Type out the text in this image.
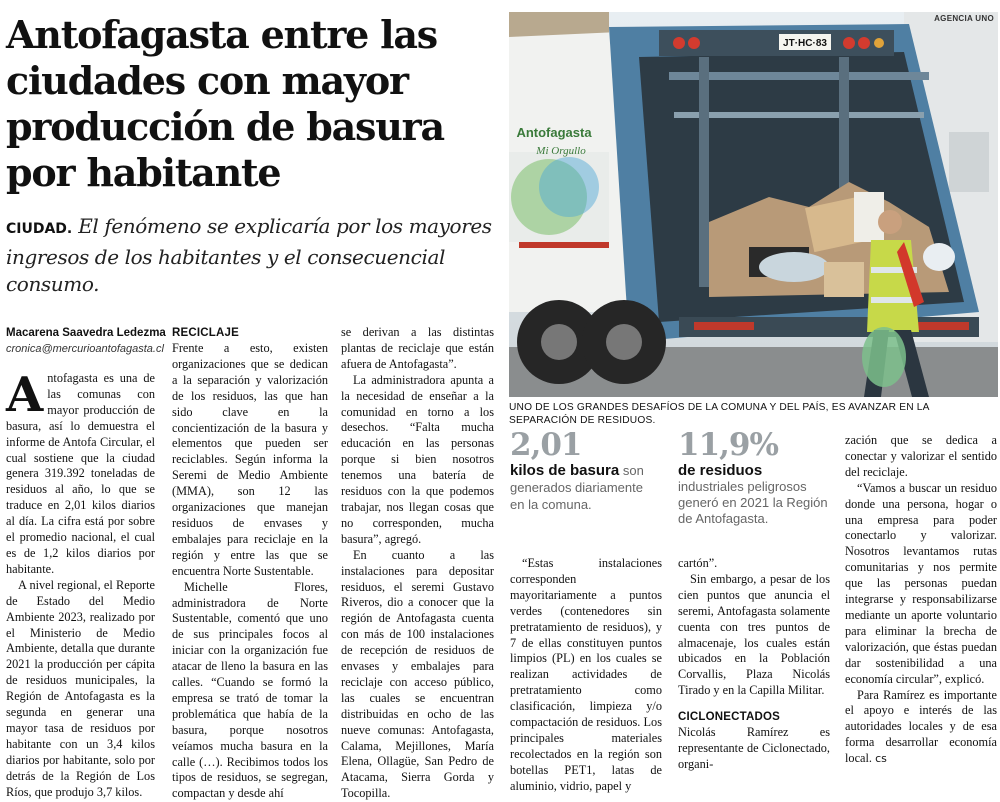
Antofagasta entre las
ciudades con mayor
producción de basura
por habitante
CIUDAD. El fenómeno se explicaría por los mayores ingresos de los habitantes y el consecuencial consumo.
Macarena Saavedra Ledezma
cronica@mercurioantofagasta.cl

Antofagasta es una de las comunas con mayor producción de basura, así lo demuestra el informe de Antofa Circular, el cual sostiene que la ciudad genera 319.392 toneladas de residuos al año, lo que se traduce en 2,01 kilos diarios al día. La cifra está por sobre el promedio nacional, el cual es de 1,2 kilos diarios por habitante.

A nivel regional, el Reporte de Estado del Medio Ambiente 2023, realizado por el Ministerio de Medio Ambiente, detalla que durante 2021 la producción per cápita de residuos municipales, la Región de Antofagasta es la segunda en generar una mayor tasa de residuos por habitante con un 3,4 kilos diarios por habitante, solo por detrás de la Región de Los Ríos, que produjo 3,7 kilos.

RECICLAJE

Frente a esto, existen organizaciones que se dedican a la separación y valorización de los residuos, las que han sido clave en la concientización de la basura y elementos que pueden ser reciclables. Según informa la Seremi de Medio Ambiente (MMA), son 12 las organizaciones que manejan residuos de envases y embalajes para reciclaje en la región y entre las que se encuentra Norte Sustentable.

Michelle Flores, administradora de Norte Sustentable, comentó que uno de sus principales focos al iniciar con la organización fue atacar de lleno la basura en las calles. “Cuando se formó la empresa se trató de tomar la problemática que había de la basura, porque nosotros veíamos mucha basura en la calle (…). Recibimos todos los tipos de residuos, se segregan, compactan y desde ahí

se derivan a las distintas plantas de reciclaje que están afuera de Antofagasta”.

La administradora apunta a la necesidad de enseñar a la comunidad en torno a los desechos. “Falta mucha educación en las personas porque si bien nosotros tenemos una batería de residuos con la que podemos trabajar, nos llegan cosas que no corresponden, mucha basura”, agregó.

En cuanto a las instalaciones para depositar residuos, el seremi Gustavo Riveros, dio a conocer que la región de Antofagasta cuenta con más de 100 instalaciones de recepción de residuos de envases y embalajes para reciclaje con acceso público, las cuales se encuentran distribuidas en ocho de las nueve comunas: Antofagasta, Calama, Mejillones, María Elena, Ollagüe, San Pedro de Atacama, Sierra Gorda y Tocopilla.

JT·HC·83
Antofagasta
Mi Orgullo
AGENCIA UNO
UNO DE LOS GRANDES DESAFÍOS DE LA COMUNA Y DEL PAÍS, ES AVANZAR EN LA SEPARACIÓN DE RESIDUOS.
2,01
kilos de basura son generados diariamente en la comuna.
11,9%
de residuos
industriales peligrosos generó en 2021 la Región de Antofagasta.

“Estas instalaciones corresponden mayoritariamente a puntos verdes (contenedores sin pretratamiento de residuos), y 7 de ellas constituyen puntos limpios (PL) en los cuales se realizan actividades de pretratamiento como clasificación, limpieza y/o compactación de residuos. Los principales materiales recolectados en la región son botellas PET1, latas de aluminio, vidrio, papel y

cartón”.

Sin embargo, a pesar de los cien puntos que anuncia el seremi, Antofagasta solamente cuenta con tres puntos de almacenaje, los cuales están ubicados en la Población Corvallis, Plaza Nicolás Tirado y en la Capilla Militar.

CICLONECTADOS

Nicolás Ramírez es representante de Ciclonectado, organi-

zación que se dedica a conectar y valorizar el sentido del reciclaje.

“Vamos a buscar un residuo donde una persona, hogar o una empresa para poder conectarlo y valorizar. Nosotros levantamos rutas comunitarias y nos permite que las personas puedan integrarse y responsabilizarse mediante un aporte voluntario para eliminar la brecha de valorización, que éstas puedan dar sostenibilidad a una economía circular”, explicó.

Para Ramírez es importante el apoyo e interés de las autoridades locales y de esa forma desarrollar economía local. cs
